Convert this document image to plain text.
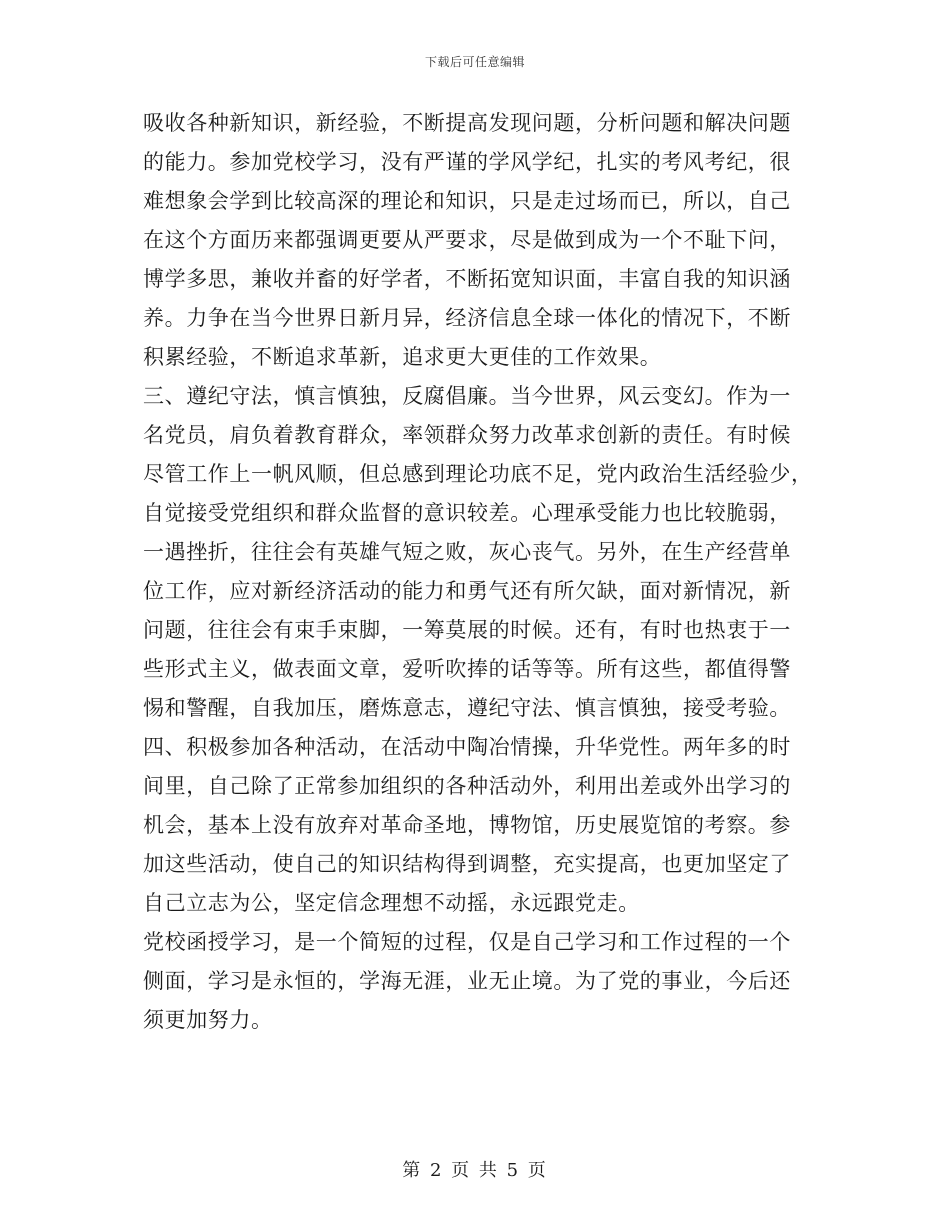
下载后可任意编辑
吸收各种新知识，新经验，不断提高发现问题，分析问题和解决问题
的能力。参加党校学习，没有严谨的学风学纪，扎实的考风考纪，很
难想象会学到比较高深的理论和知识，只是走过场而已，所以，自己
在这个方面历来都强调更要从严要求，尽是做到成为一个不耻下问，
博学多思，兼收并畜的好学者，不断拓宽知识面，丰富自我的知识涵
养。力争在当今世界日新月异，经济信息全球一体化的情况下，不断
积累经验，不断追求革新，追求更大更佳的工作效果。
三、遵纪守法，慎言慎独，反腐倡廉。当今世界，风云变幻。作为一
名党员，肩负着教育群众，率领群众努力改革求创新的责任。有时候
尽管工作上一帆风顺，但总感到理论功底不足，党内政治生活经验少，
自觉接受党组织和群众监督的意识较差。心理承受能力也比较脆弱，
一遇挫折，往往会有英雄气短之败，灰心丧气。另外，在生产经营单
位工作，应对新经济活动的能力和勇气还有所欠缺，面对新情况，新
问题，往往会有束手束脚，一筹莫展的时候。还有，有时也热衷于一
些形式主义，做表面文章，爱听吹捧的话等等。所有这些，都值得警
惕和警醒，自我加压，磨炼意志，遵纪守法、慎言慎独，接受考验。
四、积极参加各种活动，在活动中陶冶情操，升华党性。两年多的时
间里，自己除了正常参加组织的各种活动外，利用出差或外出学习的
机会，基本上没有放弃对革命圣地，博物馆，历史展览馆的考察。参
加这些活动，使自己的知识结构得到调整，充实提高，也更加坚定了
自己立志为公，坚定信念理想不动摇，永远跟党走。
党校函授学习，是一个简短的过程，仅是自己学习和工作过程的一个
侧面，学习是永恒的，学海无涯，业无止境。为了党的事业，今后还
须更加努力。
第 2 页 共 5 页
